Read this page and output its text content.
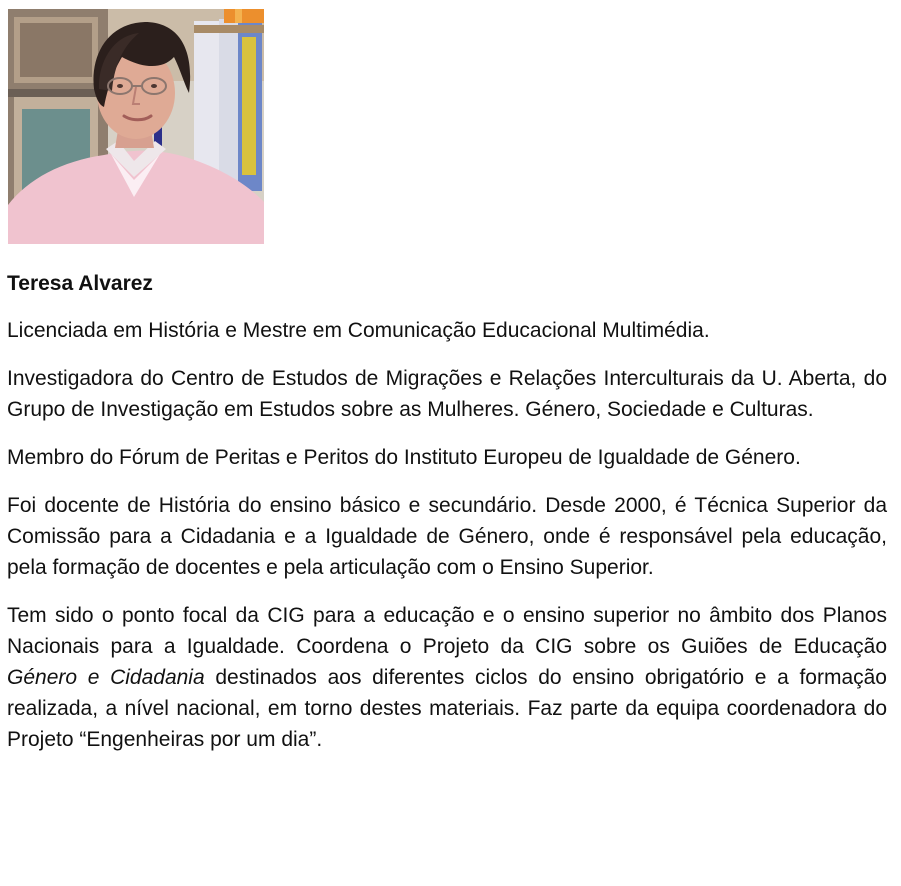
Teresa Alvarez

Licenciada em História e Mestre em Comunicação Educacional Multimédia.

Investigadora do Centro de Estudos de Migrações e Relações Interculturais da U. Aberta, do Grupo de Investigação em Estudos sobre as Mulheres. Género, Sociedade e Culturas.

Membro do Fórum de Peritas e Peritos do Instituto Europeu de Igualdade de Género.

Foi docente de História do ensino básico e secundário. Desde 2000, é Técnica Superior da Comissão para a Cidadania e a Igualdade de Género, onde é responsável pela educação, pela formação de docentes e pela articulação com o Ensino Superior.

Tem sido o ponto focal da CIG para a educação e o ensino superior no âmbito dos Planos Nacionais para a Igualdade. Coordena o Projeto da CIG sobre os Guiões de Educação Género e Cidadania destinados aos diferentes ciclos do ensino obrigatório e a formação realizada, a nível nacional, em torno destes materiais. Faz parte da equipa coordenadora do Projeto “Engenheiras por um dia”.
